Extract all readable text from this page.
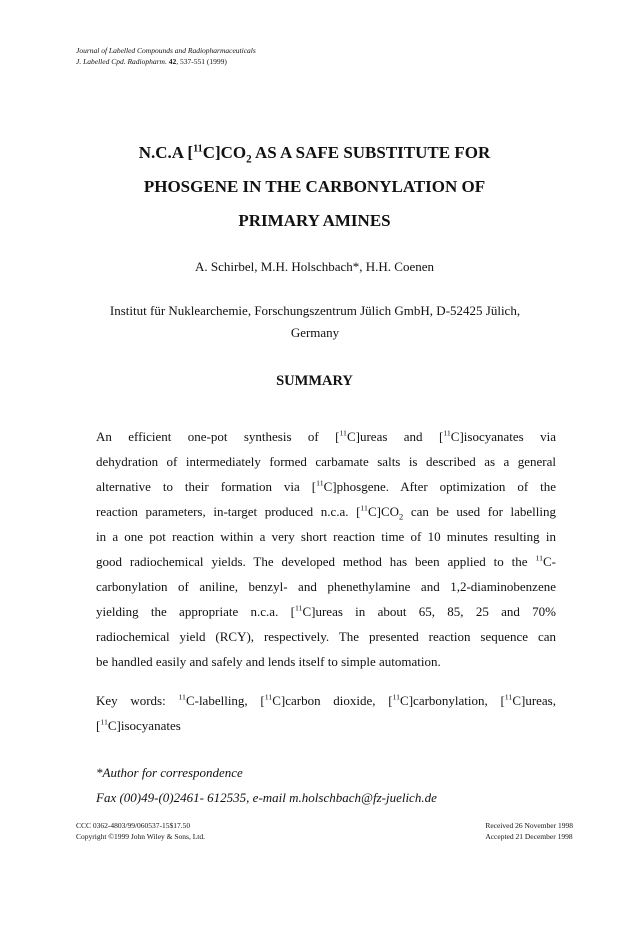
Journal of Labelled Compounds and Radiopharmaceuticals
J. Labelled Cpd. Radiopharm. 42, 537-551 (1999)
N.C.A $[^{11}C]CO_2$ AS A SAFE SUBSTITUTE FOR
PHOSGENE IN THE CARBONYLATION OF
PRIMARY AMINES
A. Schirbel, M.H. Holschbach*, H.H. Coenen
Institut für Nuklearchemie, Forschungszentrum Jülich GmbH, D-52425 Jülich,
Germany
SUMMARY
An efficient one-pot synthesis of [$^{11}$C]ureas and [$^{11}$C]isocyanates via
dehydration of intermediately formed carbamate salts is described as a general
alternative to their formation via [$^{11}$C]phosgene. After optimization of the
reaction parameters, in-target produced n.c.a. $[^{11}C]CO_2$ can be used for labelling
in a one pot reaction within a very short reaction time of 10 minutes resulting in
good radiochemical yields. The developed method has been applied to the $^{11}$C-
carbonylation of aniline, benzyl- and phenethylamine and 1,2-diaminobenzene
yielding the appropriate n.c.a. [$^{11}$C]ureas in about 65, 85, 25 and 70%
radiochemical yield (RCY), respectively. The presented reaction sequence can
be handled easily and safely and lends itself to simple automation.
Key words: $^{11}$C-labelling, [$^{11}$C]carbon dioxide, [$^{11}$C]carbonylation, [$^{11}$C]ureas,
[$^{11}$C]isocyanates
*Author for correspondence
Fax (00)49-(0)2461- 612535, e-mail m.holschbach@fz-juelich.de
CCC 0362-4803/99/060537-15$17.50
Copyright ©1999 John Wiley & Sons, Ltd.
Received 26 November 1998
Accepted 21 December 1998
